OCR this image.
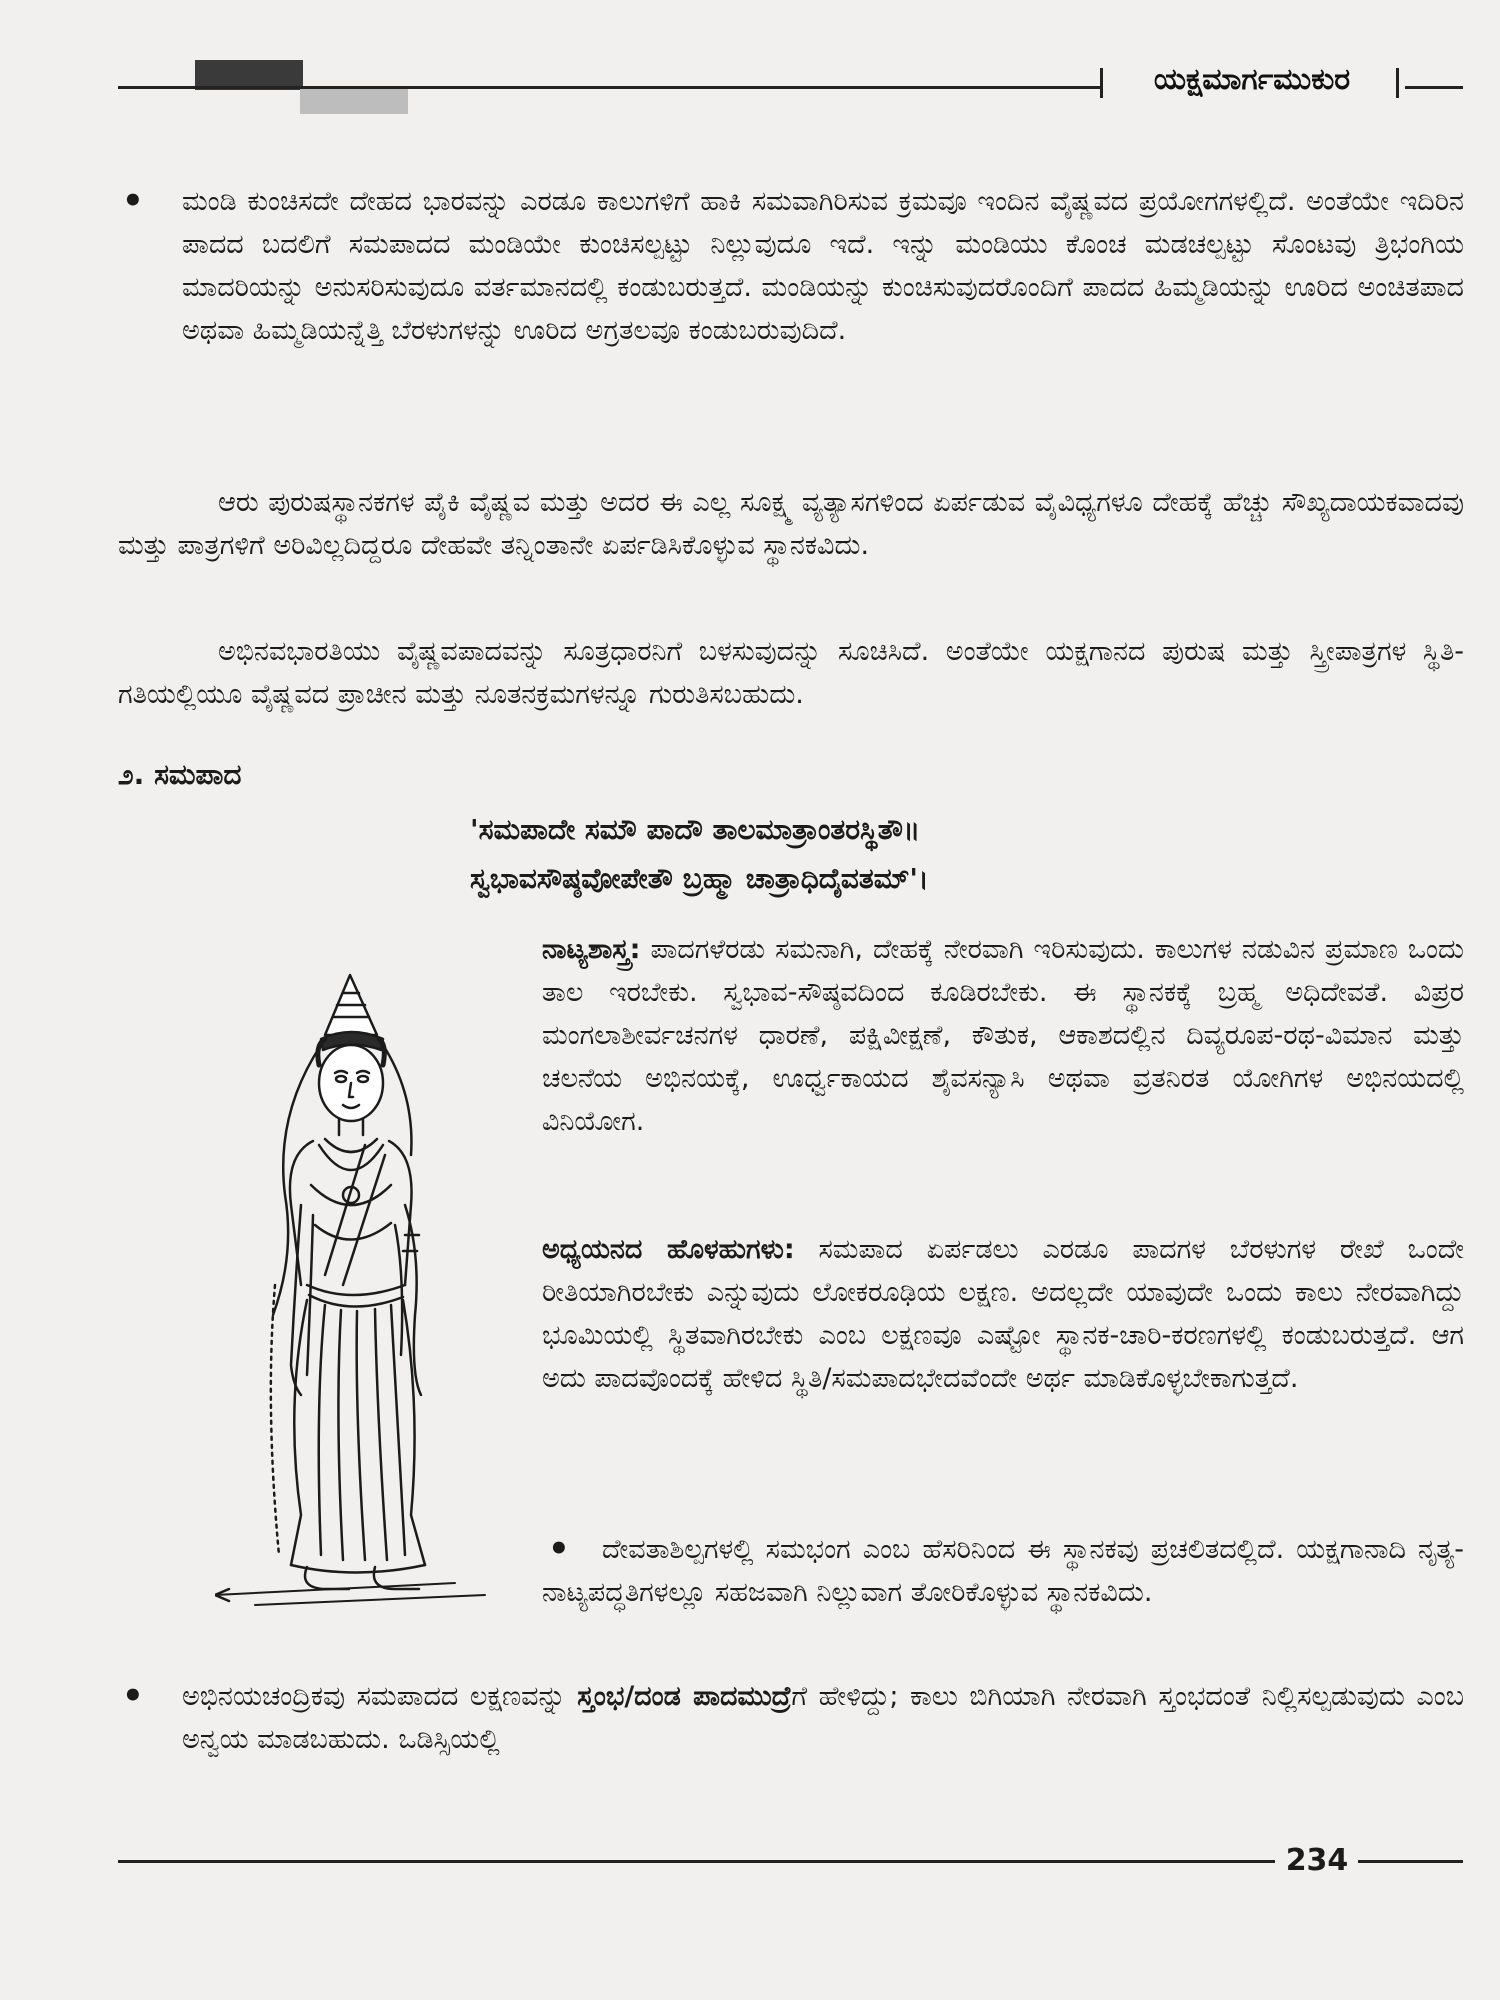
ಯಕ್ಷಮಾರ್ಗಮುಕುರ
• ಮಂಡಿ ಕುಂಚಿಸದೇ ದೇಹದ ಭಾರವನ್ನು ಎರಡೂ ಕಾಲುಗಳಿಗೆ ಹಾಕಿ ಸಮವಾಗಿರಿಸುವ ಕ್ರಮವೂ ಇಂದಿನ ವೈಷ್ಣವದ ಪ್ರಯೋಗಗಳಲ್ಲಿದೆ. ಅಂತೆಯೇ ಇದಿರಿನ ಪಾದದ ಬದಲಿಗೆ ಸಮಪಾದದ ಮಂಡಿಯೇ ಕುಂಚಿಸಲ್ಪಟ್ಟು ನಿಲ್ಲುವುದೂ ಇದೆ. ಇನ್ನು ಮಂಡಿಯು ಕೊಂಚ ಮಡಚಲ್ಪಟ್ಟು ಸೊಂಟವು ತ್ರಿಭಂಗಿಯ ಮಾದರಿಯನ್ನು ಅನುಸರಿಸುವುದೂ ವರ್ತಮಾನದಲ್ಲಿ ಕಂಡುಬರುತ್ತದೆ. ಮಂಡಿಯನ್ನು ಕುಂಚಿಸುವುದರೊಂದಿಗೆ ಪಾದದ ಹಿಮ್ಮಡಿಯನ್ನು ಊರಿದ ಅಂಚಿತಪಾದ ಅಥವಾ ಹಿಮ್ಮಡಿಯನ್ನೆತ್ತಿ ಬೆರಳುಗಳನ್ನು ಊರಿದ ಅಗ್ರತಲವೂ ಕಂಡುಬರುವುದಿದೆ.
ಆರು ಪುರುಷಸ್ಥಾನಕಗಳ ಪೈಕಿ ವೈಷ್ಣವ ಮತ್ತು ಅದರ ಈ ಎಲ್ಲ ಸೂಕ್ಷ್ಮ ವ್ಯತ್ಯಾಸಗಳಿಂದ ಏರ್ಪಡುವ ವೈವಿಧ್ಯಗಳೂ ದೇಹಕ್ಕೆ ಹೆಚ್ಚು ಸೌಖ್ಯದಾಯಕವಾದವು ಮತ್ತು ಪಾತ್ರಗಳಿಗೆ ಅರಿವಿಲ್ಲದಿದ್ದರೂ ದೇಹವೇ ತನ್ನಿಂತಾನೇ ಏರ್ಪಡಿಸಿಕೊಳ್ಳುವ ಸ್ಥಾನಕವಿದು.
ಅಭಿನವಭಾರತಿಯು ವೈಷ್ಣವಪಾದವನ್ನು ಸೂತ್ರಧಾರನಿಗೆ ಬಳಸುವುದನ್ನು ಸೂಚಿಸಿದೆ. ಅಂತೆಯೇ ಯಕ್ಷಗಾನದ ಪುರುಷ ಮತ್ತು ಸ್ತ್ರೀಪಾತ್ರಗಳ ಸ್ಥಿತಿ-ಗತಿಯಲ್ಲಿಯೂ ವೈಷ್ಣವದ ಪ್ರಾಚೀನ ಮತ್ತು ನೂತನಕ್ರಮಗಳನ್ನೂ ಗುರುತಿಸಬಹುದು.
೨. ಸಮಪಾದ
'ಸಮಪಾದೇ ಸಮೌ ಪಾದೌ ತಾಲಮಾತ್ರಾಂತರಸ್ಥಿತೌ॥
ಸ್ವಭಾವಸೌಷ್ಠವೋಪೇತೌ ಬ್ರಹ್ಮಾ ಚಾತ್ರಾಧಿದೈವತಮ್'।
ನಾಟ್ಯಶಾಸ್ತ್ರ: ಪಾದಗಳೆರಡು ಸಮನಾಗಿ, ದೇಹಕ್ಕೆ ನೇರವಾಗಿ ಇರಿಸುವುದು. ಕಾಲುಗಳ ನಡುವಿನ ಪ್ರಮಾಣ ಒಂದು ತಾಲ ಇರಬೇಕು. ಸ್ವಭಾವ-ಸೌಷ್ಠವದಿಂದ ಕೂಡಿರಬೇಕು. ಈ ಸ್ಥಾನಕಕ್ಕೆ ಬ್ರಹ್ಮ ಅಧಿದೇವತೆ. ವಿಪ್ರರ ಮಂಗಲಾಶೀರ್ವಚನಗಳ ಧಾರಣೆ, ಪಕ್ಷಿವೀಕ್ಷಣೆ, ಕೌತುಕ, ಆಕಾಶದಲ್ಲಿನ ದಿವ್ಯರೂಪ-ರಥ-ವಿಮಾನ ಮತ್ತು ಚಲನೆಯ ಅಭಿನಯಕ್ಕೆ, ಊರ್ಧ್ವಕಾಯದ ಶೈವಸನ್ಯಾಸಿ ಅಥವಾ ವ್ರತನಿರತ ಯೋಗಿಗಳ ಅಭಿನಯದಲ್ಲಿ ವಿನಿಯೋಗ.
ಅಧ್ಯಯನದ ಹೊಳಹುಗಳು: ಸಮಪಾದ ಏರ್ಪಡಲು ಎರಡೂ ಪಾದಗಳ ಬೆರಳುಗಳ ರೇಖೆ ಒಂದೇ ರೀತಿಯಾಗಿರಬೇಕು ಎನ್ನುವುದು ಲೋಕರೂಢಿಯ ಲಕ್ಷಣ. ಅದಲ್ಲದೇ ಯಾವುದೇ ಒಂದು ಕಾಲು ನೇರವಾಗಿದ್ದು ಭೂಮಿಯಲ್ಲಿ ಸ್ಥಿತವಾಗಿರಬೇಕು ಎಂಬ ಲಕ್ಷಣವೂ ಎಷ್ಟೋ ಸ್ಥಾನಕ-ಚಾರಿ-ಕರಣಗಳಲ್ಲಿ ಕಂಡುಬರುತ್ತದೆ. ಆಗ ಅದು ಪಾದವೊಂದಕ್ಕೆ ಹೇಳಿದ ಸ್ಥಿತಿ/ಸಮಪಾದಭೇದವೆಂದೇ ಅರ್ಥ ಮಾಡಿಕೊಳ್ಳಬೇಕಾಗುತ್ತದೆ.
•	ದೇವತಾಶಿಲ್ಪಗಳಲ್ಲಿ ಸಮಭಂಗ ಎಂಬ ಹೆಸರಿನಿಂದ ಈ ಸ್ಥಾನಕವು ಪ್ರಚಲಿತದಲ್ಲಿದೆ. ಯಕ್ಷಗಾನಾದಿ ನೃತ್ಯ-ನಾಟ್ಯಪದ್ಧತಿಗಳಲ್ಲೂ ಸಹಜವಾಗಿ ನಿಲ್ಲುವಾಗ ತೋರಿಕೊಳ್ಳುವ ಸ್ಥಾನಕವಿದು.
• ಅಭಿನಯಚಂದ್ರಿಕವು ಸಮಪಾದದ ಲಕ್ಷಣವನ್ನು ಸ್ತಂಭ/ದಂಡ ಪಾದಮುದ್ರೆಗೆ ಹೇಳಿದ್ದು; ಕಾಲು ಬಿಗಿಯಾಗಿ ನೇರವಾಗಿ ಸ್ತಂಭದಂತೆ ನಿಲ್ಲಿಸಲ್ಪಡುವುದು ಎಂಬ ಅನ್ವಯ ಮಾಡಬಹುದು. ಒಡಿಸ್ಸಿಯಲ್ಲಿ
234
